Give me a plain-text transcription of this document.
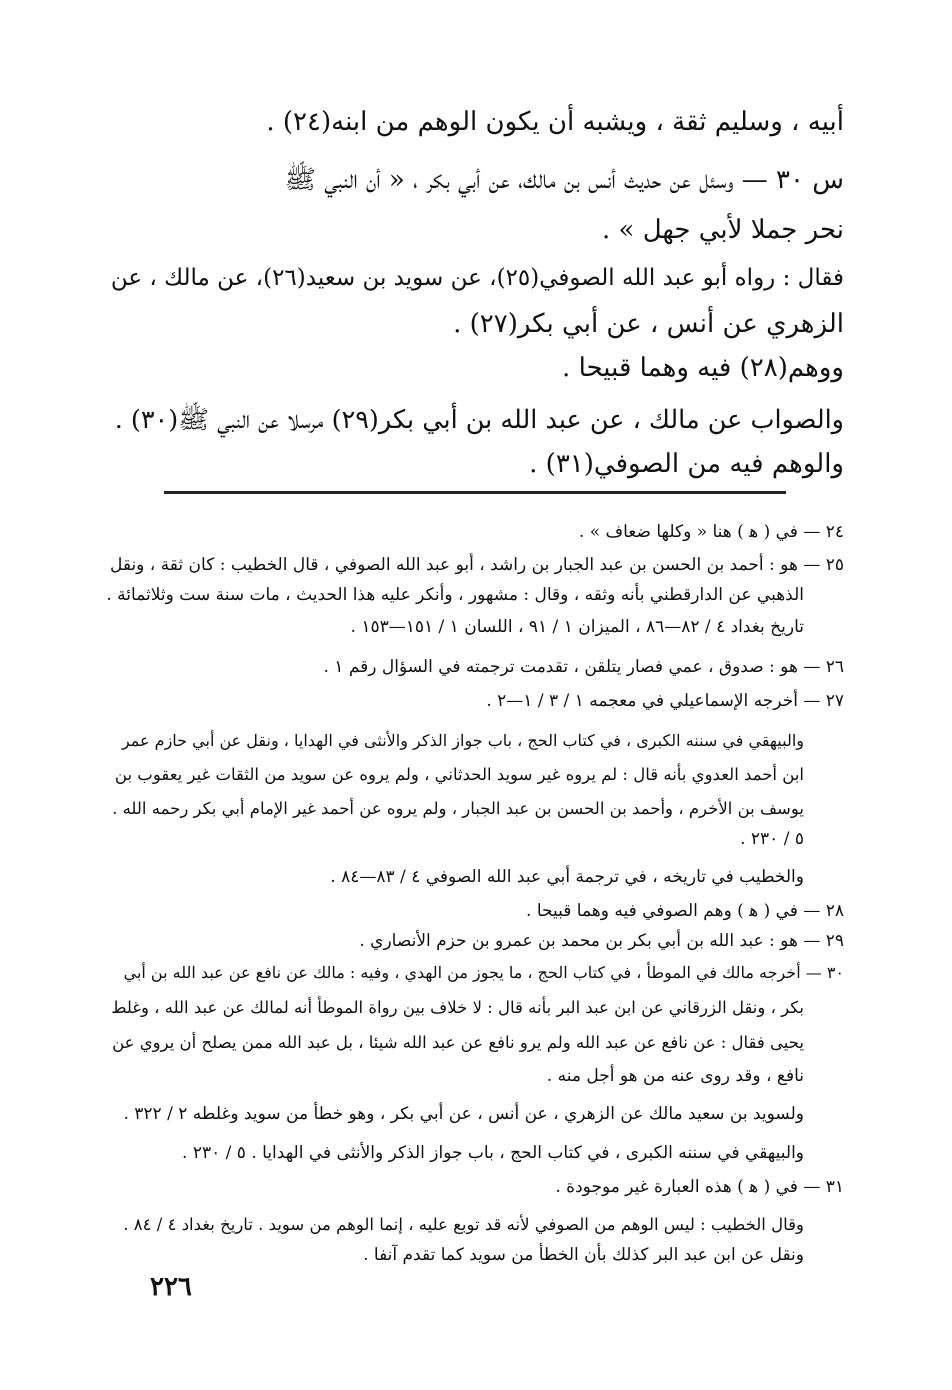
أبيه ، وسليم ثقة ، ويشبه أن يكون الوهم من ابنه(٢٤) .

س ٣٠ — وسئل عن حديث أنس بن مالك، عن أبي بكر ، « أن النبي ﷺ

نحر جملا لأبي جهل » .

فقال : رواه أبو عبد الله الصوفي(٢٥)، عن سويد بن سعيد(٢٦)، عن مالك ، عن

الزهري عن أنس ، عن أبي بكر(٢٧) .

ووهم(٢٨) فيه وهما قبيحا .

والصواب عن مالك ، عن عبد الله بن أبي بكر(٢٩) مرسلا عن النبي ﷺ(٣٠) .

والوهم فيه من الصوفي(٣١) .

٢٤ — في ( ﻫ ) هنا « وكلها ضعاف » .

٢٥ — هو : أحمد بن الحسن بن عبد الجبار بن راشد ، أبو عبد الله الصوفي ، قال الخطيب : كان ثقة ، ونقل

الذهبي عن الدارقطني بأنه وثقه ، وقال : مشهور ، وأنكر عليه هذا الحديث ، مات سنة ست وثلاثمائة .

تاريخ بغداد ٤ / ٨٢—٨٦ ، الميزان ١ / ٩١ ، اللسان ١ / ١٥١—١٥٣ .

٢٦ — هو : صدوق ، عمي فصار يتلقن ، تقدمت ترجمته في السؤال رقم ١ .

٢٧ — أخرجه الإسماعيلي في معجمه ١ / ٣ / ١—٢ .

والبيهقي في سننه الكبرى ، في كتاب الحج ، باب جواز الذكر والأنثى في الهدايا ، ونقل عن أبي حازم عمر

ابن أحمد العدوي بأنه قال : لم يروه غير سويد الحدثاني ، ولم يروه عن سويد من الثقات غير يعقوب بن

يوسف بن الأخرم ، وأحمد بن الحسن بن عبد الجبار ، ولم يروه عن أحمد غير الإمام أبي بكر رحمه الله .

٥ / ٢٣٠ .

والخطيب في تاريخه ، في ترجمة أبي عبد الله الصوفي ٤ / ٨٣—٨٤ .

٢٨ — في ( ﻫ ) وهم الصوفي فيه وهما قبيحا .

٢٩ — هو : عبد الله بن أبي بكر بن محمد بن عمرو بن حزم الأنصاري .

٣٠ — أخرجه مالك في الموطأ ، في كتاب الحج ، ما يجوز من الهدي ، وفيه : مالك عن نافع عن عبد الله بن أبي

بكر ، ونقل الزرقاني عن ابن عبد البر بأنه قال : لا خلاف بين رواة الموطأ أنه لمالك عن عبد الله ، وغلط

يحيى فقال : عن نافع عن عبد الله ولم يرو نافع عن عبد الله شيئا ، بل عبد الله ممن يصلح أن يروي عن

نافع ، وقد روى عنه من هو أجل منه .

ولسويد بن سعيد مالك عن الزهري ، عن أنس ، عن أبي بكر ، وهو خطأ من سويد وغلطه ٢ / ٣٢٢ .

والبيهقي في سننه الكبرى ، في كتاب الحج ، باب جواز الذكر والأنثى في الهدايا . ٥ / ٢٣٠ .

٣١ — في ( ﻫ ) هذه العبارة غير موجودة .

وقال الخطيب : ليس الوهم من الصوفي لأنه قد توبع عليه ، إنما الوهم من سويد . تاريخ بغداد ٤ / ٨٤ .

ونقل عن ابن عبد البر كذلك بأن الخطأ من سويد كما تقدم آنفا .

٢٢٦
